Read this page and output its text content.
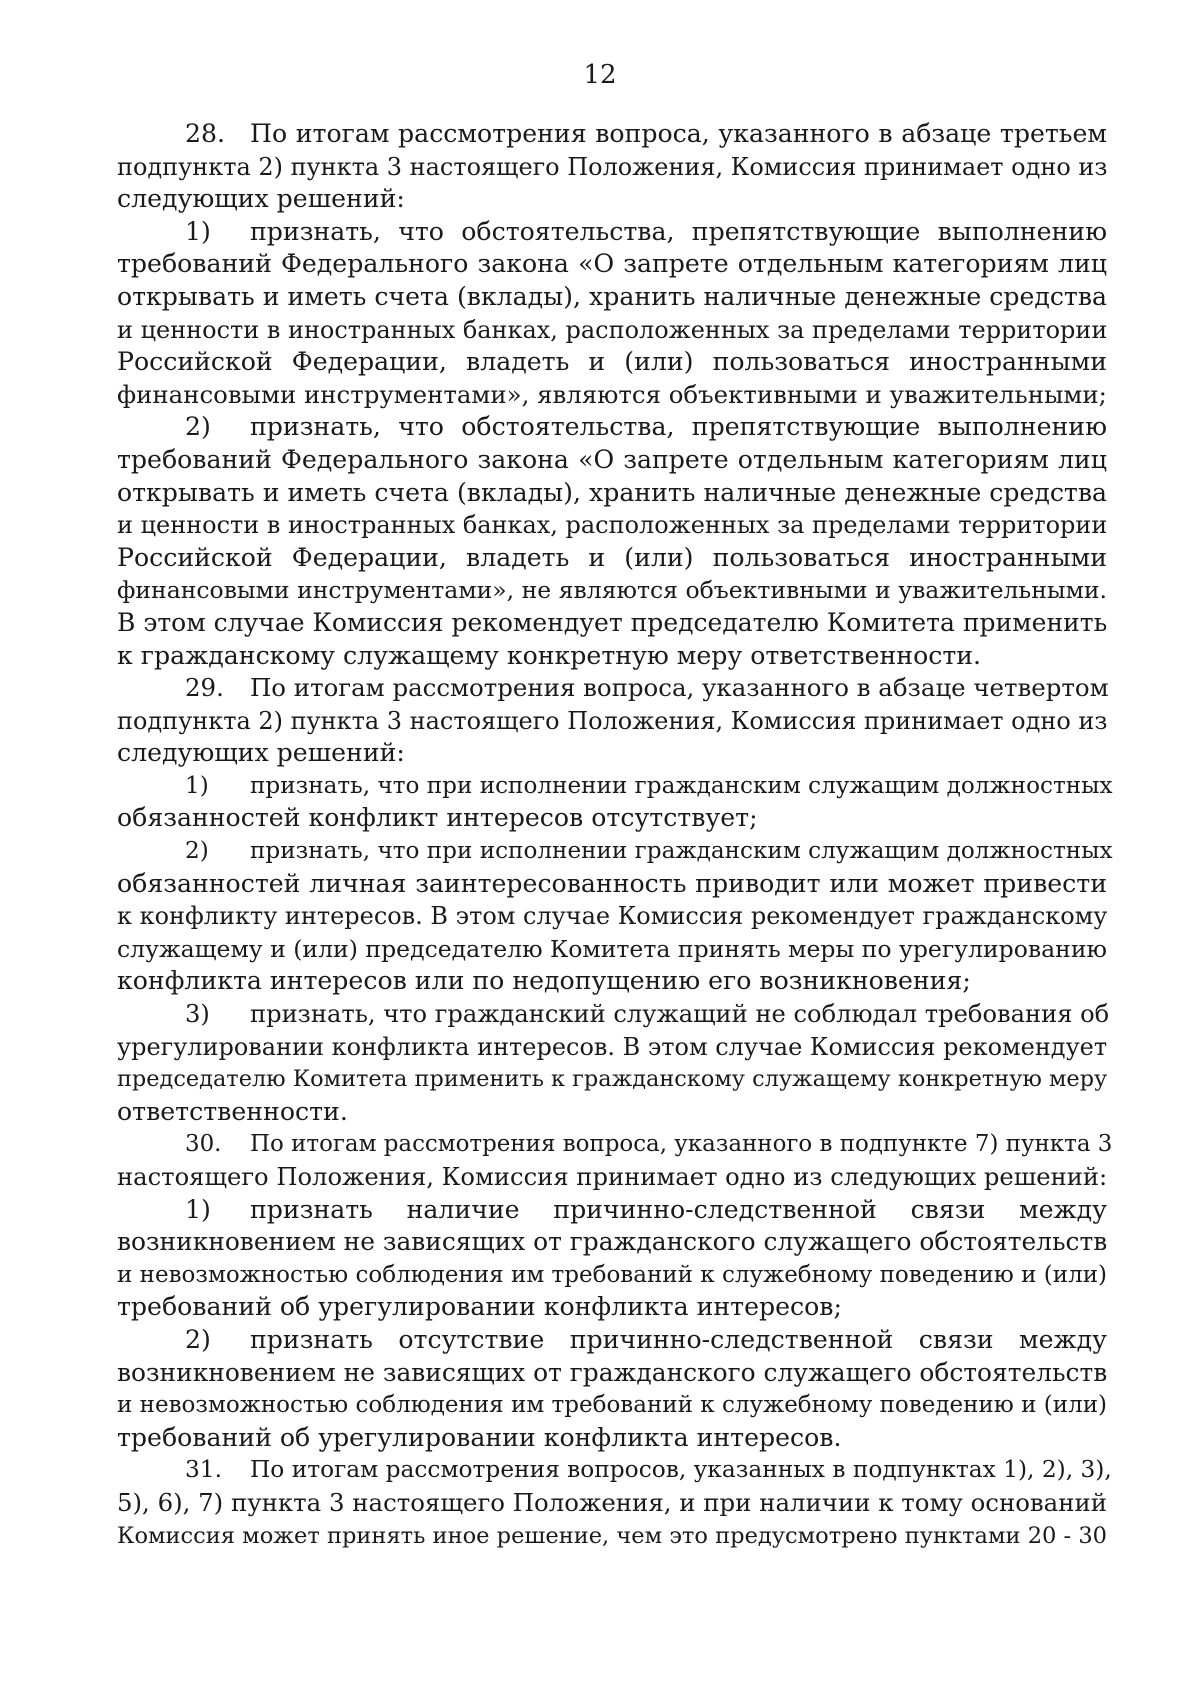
12
28. По итогам рассмотрения вопроса, указанного в абзаце третьем
подпункта 2) пункта 3 настоящего Положения, Комиссия принимает одно из
следующих решений:
1) признать, что обстоятельства, препятствующие выполнению
требований Федерального закона «О запрете отдельным категориям лиц
открывать и иметь счета (вклады), хранить наличные денежные средства
и ценности в иностранных банках, расположенных за пределами территории
Российской Федерации, владеть и (или) пользоваться иностранными
финансовыми инструментами», являются объективными и уважительными;
2) признать, что обстоятельства, препятствующие выполнению
требований Федерального закона «О запрете отдельным категориям лиц
открывать и иметь счета (вклады), хранить наличные денежные средства
и ценности в иностранных банках, расположенных за пределами территории
Российской Федерации, владеть и (или) пользоваться иностранными
финансовыми инструментами», не являются объективными и уважительными.
В этом случае Комиссия рекомендует председателю Комитета применить
к гражданскому служащему конкретную меру ответственности.
29. По итогам рассмотрения вопроса, указанного в абзаце четвертом
подпункта 2) пункта 3 настоящего Положения, Комиссия принимает одно из
следующих решений:
1) признать, что при исполнении гражданским служащим должностных
обязанностей конфликт интересов отсутствует;
2) признать, что при исполнении гражданским служащим должностных
обязанностей личная заинтересованность приводит или может привести
к конфликту интересов. В этом случае Комиссия рекомендует гражданскому
служащему и (или) председателю Комитета принять меры по урегулированию
конфликта интересов или по недопущению его возникновения;
3) признать, что гражданский служащий не соблюдал требования об
урегулировании конфликта интересов. В этом случае Комиссия рекомендует
председателю Комитета применить к гражданскому служащему конкретную меру
ответственности.
30. По итогам рассмотрения вопроса, указанного в подпункте 7) пункта 3
настоящего Положения, Комиссия принимает одно из следующих решений:
1) признать наличие причинно-следственной связи между
возникновением не зависящих от гражданского служащего обстоятельств
и невозможностью соблюдения им требований к служебному поведению и (или)
требований об урегулировании конфликта интересов;
2) признать отсутствие причинно-следственной связи между
возникновением не зависящих от гражданского служащего обстоятельств
и невозможностью соблюдения им требований к служебному поведению и (или)
требований об урегулировании конфликта интересов.
31. По итогам рассмотрения вопросов, указанных в подпунктах 1), 2), 3),
5), 6), 7) пункта 3 настоящего Положения, и при наличии к тому оснований
Комиссия может принять иное решение, чем это предусмотрено пунктами 20 - 30
